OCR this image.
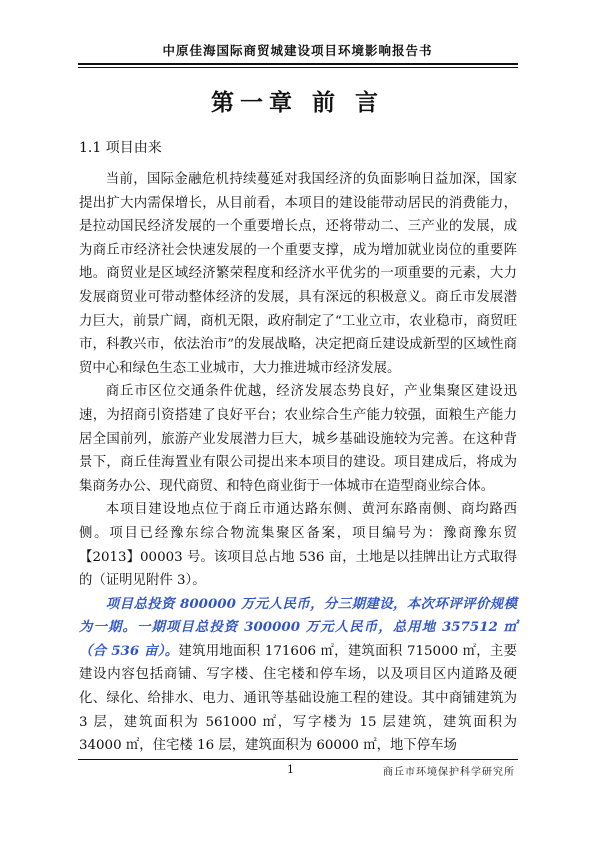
中原佳海国际商贸城建设项目环境影响报告书
第一章 前 言
1.1 项目由来

当前，国际金融危机持续蔓延对我国经济的负面影响日益加深，国家提出扩大内需保增长，从目前看，本项目的建设能带动居民的消费能力，是拉动国民经济发展的一个重要增长点，还将带动二、三产业的发展，成为商丘市经济社会快速发展的一个重要支撑，成为增加就业岗位的重要阵地。商贸业是区域经济繁荣程度和经济水平优劣的一项重要的元素，大力发展商贸业可带动整体经济的发展，具有深远的积极意义。商丘市发展潜力巨大，前景广阔，商机无限，政府制定了“工业立市，农业稳市，商贸旺市，科教兴市，依法治市”的发展战略，决定把商丘建设成新型的区域性商贸中心和绿色生态工业城市，大力推进城市经济发展。

商丘市区位交通条件优越，经济发展态势良好，产业集聚区建设迅速，为招商引资搭建了良好平台；农业综合生产能力较强，面粮生产能力居全国前列，旅游产业发展潜力巨大，城乡基础设施较为完善。在这种背景下，商丘佳海置业有限公司提出来本项目的建设。项目建成后，将成为集商务办公、现代商贸、和特色商业街于一体城市在造型商业综合体。

本项目建设地点位于商丘市通达路东侧、黄河东路南侧、商均路西侧。项目已经豫东综合物流集聚区备案，项目编号为：豫商豫东贸【2013】00003 号。该项目总占地 536 亩，土地是以挂牌出让方式取得的（证明见附件 3）。

项目总投资 800000 万元人民币，分三期建设，本次环评评价规模为一期。一期项目总投资 300000 万元人民币，总用地 357512 ㎡（合 536 亩）。建筑用地面积 171606 ㎡，建筑面积 715000 ㎡，主要建设内容包括商铺、写字楼、住宅楼和停车场，以及项目区内道路及硬化、绿化、给排水、电力、通讯等基础设施工程的建设。其中商铺建筑为 3 层，建筑面积为 561000 ㎡，写字楼为 15 层建筑，建筑面积为 34000 ㎡，住宅楼 16 层，建筑面积为 60000 ㎡，地下停车场

1	商丘市环境保护科学研究所
